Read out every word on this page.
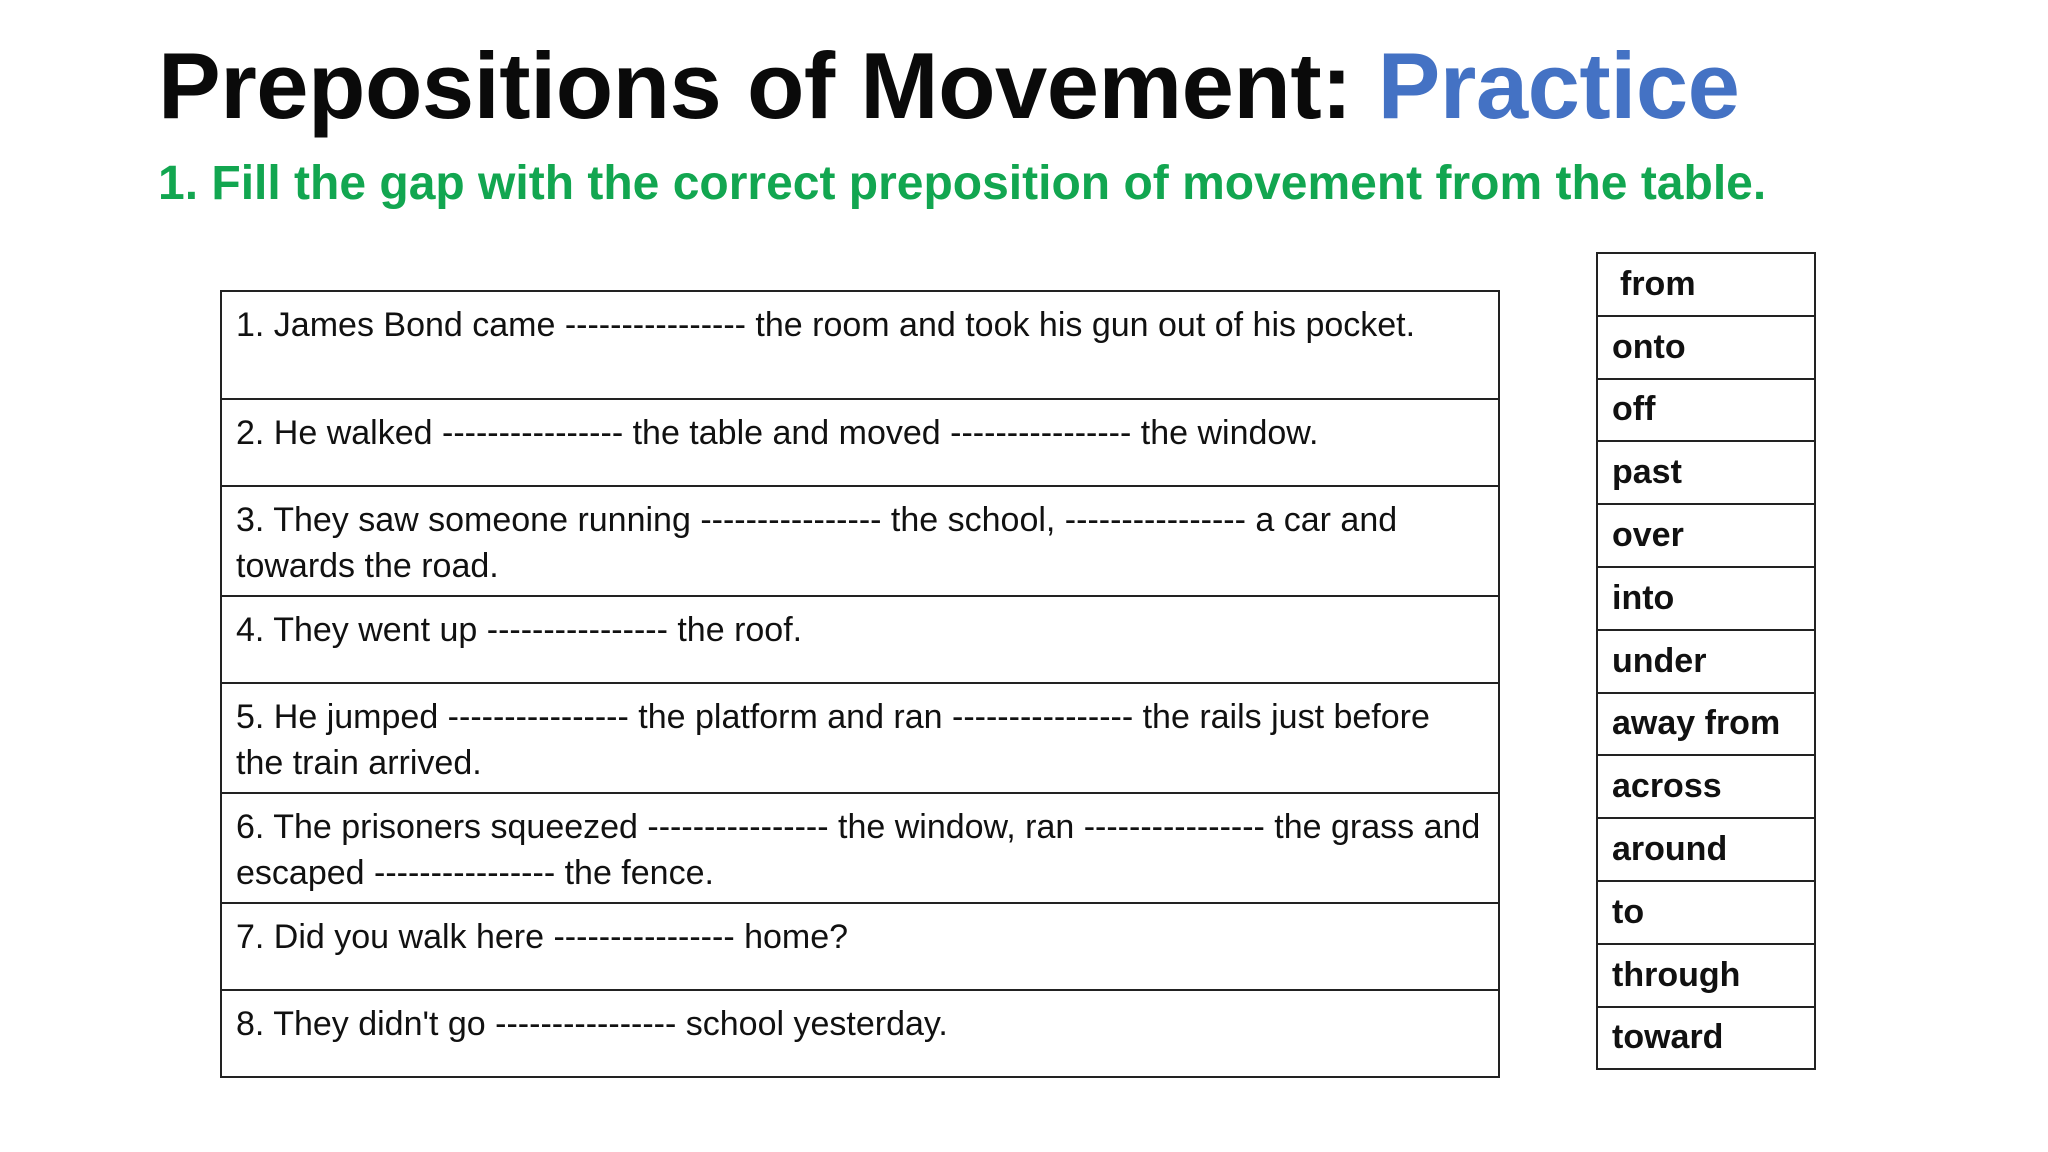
Prepositions of Movement: Practice

1. Fill the gap with the correct preposition of movement from the table.

1. James Bond came ---------------- the room and took his gun out of his pocket.
2. He walked ---------------- the table and moved ---------------- the window.
3. They saw someone running ---------------- the school, ---------------- a car and towards the road.
4. They went up ---------------- the roof.
5. He jumped ---------------- the platform and ran ---------------- the rails just before the train arrived.
6. The prisoners squeezed ---------------- the window, ran ---------------- the grass and escaped ---------------- the fence.
7. Did you walk here ---------------- home?
8. They didn't go ---------------- school yesterday.
from
onto
off
past
over
into
under
away from
across
around
to
through
toward
